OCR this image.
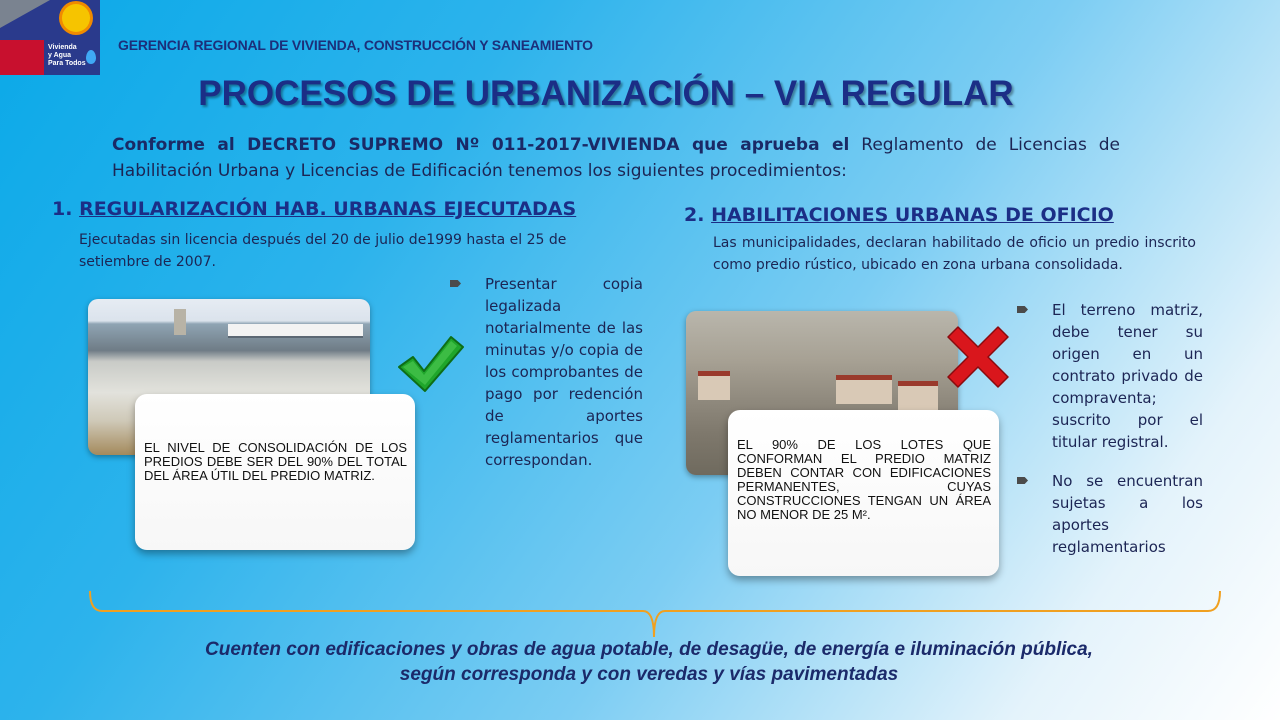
Vivienda
y Agua
Para Todos
GERENCIA REGIONAL DE VIVIENDA, CONSTRUCCIÓN Y SANEAMIENTO
PROCESOS DE URBANIZACIÓN – VIA REGULAR
Conforme al DECRETO SUPREMO Nº 011-2017-VIVIENDA que aprueba el Reglamento de Licencias de Habilitación Urbana y Licencias de Edificación tenemos los siguientes procedimientos:
1. REGULARIZACIÓN HAB. URBANAS EJECUTADAS
Ejecutadas sin licencia después del 20 de julio de1999 hasta el 25 de setiembre de 2007.
EL NIVEL DE CONSOLIDACIÓN DE LOS PREDIOS DEBE SER DEL 90% DEL TOTAL DEL ÁREA ÚTIL DEL PREDIO MATRIZ.
Presentar copia legalizada notarialmente de las minutas y/o copia de los comprobantes de pago por redención de aportes reglamentarios que correspondan.
2. HABILITACIONES URBANAS DE OFICIO
Las municipalidades, declaran habilitado de oficio un predio inscrito como predio rústico, ubicado en zona urbana consolidada.
EL 90% DE LOS LOTES QUE CONFORMAN EL PREDIO MATRIZ DEBEN CONTAR CON EDIFICACIONES PERMANENTES, CUYAS CONSTRUCCIONES TENGAN UN ÁREA NO MENOR DE 25 M².
El terreno matriz, debe tener su origen en un contrato privado de compraventa; suscrito por el titular registral.
No se encuentran sujetas a los aportes reglamentarios
Cuenten con edificaciones y obras de agua potable, de desagüe, de energía e iluminación pública,
según corresponda y con veredas y vías pavimentadas
